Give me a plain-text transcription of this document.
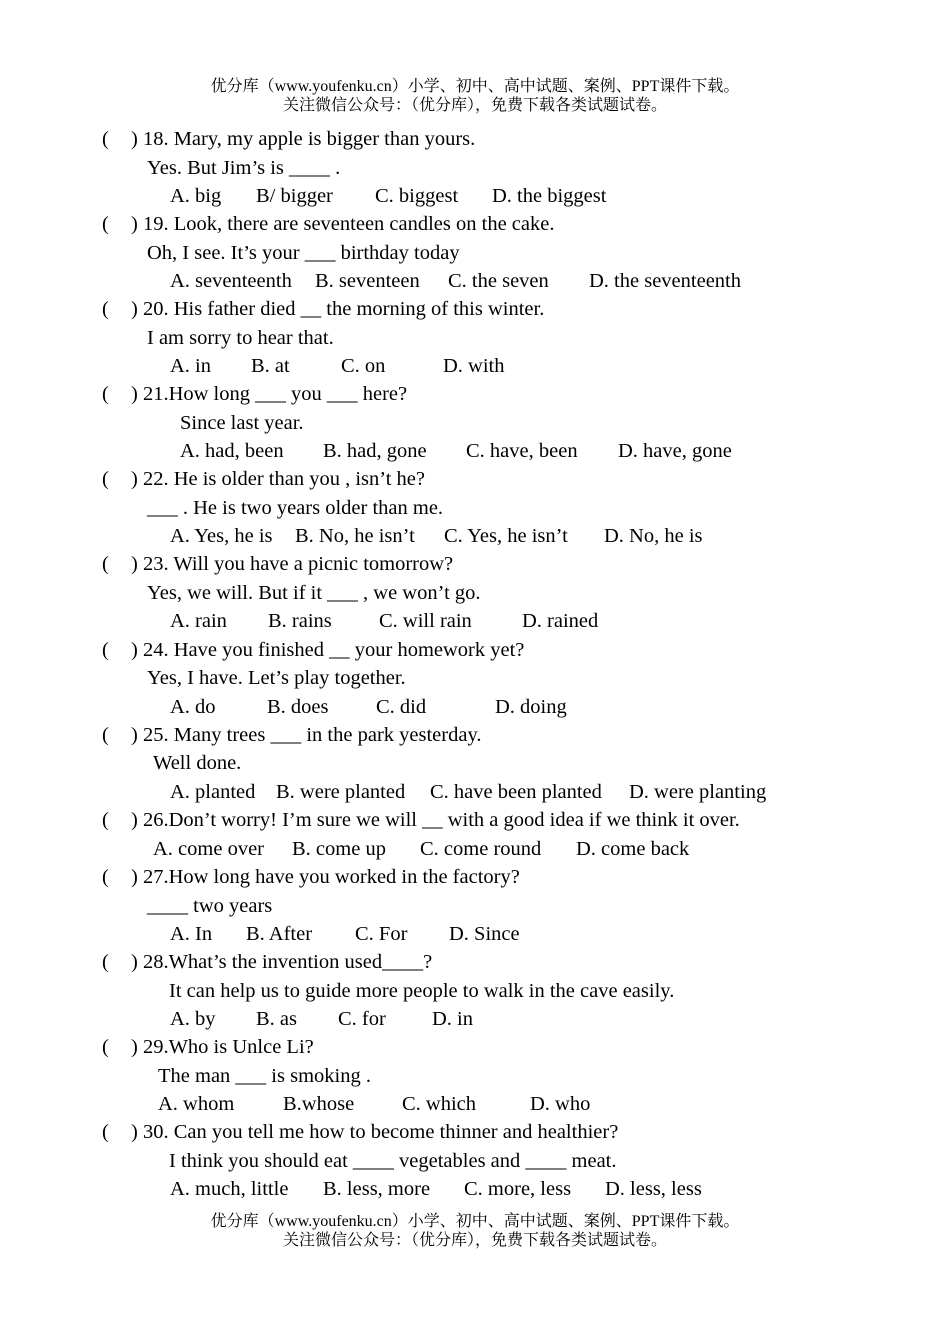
优分库（www.youfenku.cn）小学、初中、高中试题、案例、PPT课件下载。
关注微信公众号：（优分库），免费下载各类试题试卷。
( ) 18. Mary, my apple is bigger than yours.
Yes. But Jim’s is ____ .
A. big B/ bigger C. biggest D. the biggest
( ) 19. Look, there are seventeen candles on the cake.
Oh, I see. It’s your ___ birthday today
A. seventeenth B. seventeen C. the seven D. the seventeenth
( ) 20. His father died __ the morning of this winter.
I am sorry to hear that.
A. in B. at	C. on	D. with
( ) 21.How long ___ you ___ here?
Since last year.
A. had, been B. had, gone C. have, been D. have, gone
( ) 22. He is older than you , isn’t he?
___ . He is two years older than me.
A. Yes, he is B. No, he isn’t C. Yes, he isn’t D. No, he is
( ) 23. Will you have a picnic tomorrow?
Yes, we will. But if it ___ , we won’t go.
A. rain B. rains C. will rain D. rained
( ) 24. Have you finished __ your homework yet?
Yes, I have. Let’s play together.
A. do	B. does C. did	D. doing
( ) 25. Many trees ___ in the park yesterday.
Well done.
A. planted B. were planted C. have been planted D. were planting
( ) 26.Don’t worry! I’m sure we will __ with a good idea if we think it over.
A. come over B. come up C. come round D. come back
( ) 27.How long have you worked in the factory?
____ two years
A. In B. After C. For D. Since
( ) 28.What’s the invention used____?
It can help us to guide more people to walk in the cave easily.
A. by B. as C. for D. in
( ) 29.Who is Unlce Li?
The man ___ is smoking .
A. whom B.whose C. which	D. who
( ) 30. Can you tell me how to become thinner and healthier?
I think you should eat ____ vegetables and ____ meat.
A. much, little B. less, more C. more, less D. less, less
优分库（www.youfenku.cn）小学、初中、高中试题、案例、PPT课件下载。
关注微信公众号：（优分库），免费下载各类试题试卷。
